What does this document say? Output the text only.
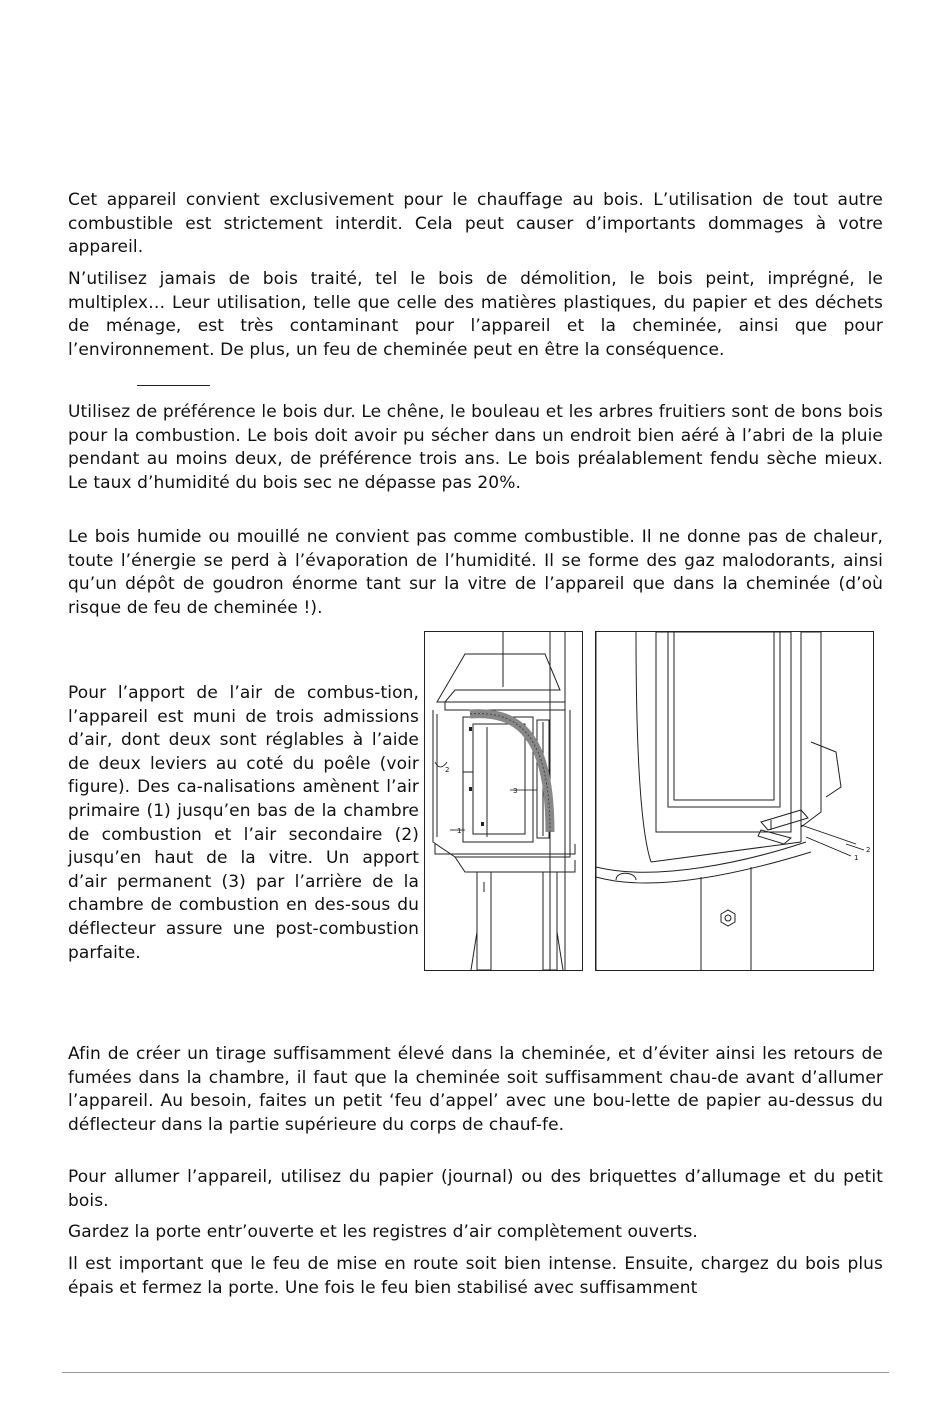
Cet appareil convient exclusivement pour le chauffage au bois. L’utilisation de tout autre combustible est strictement interdit. Cela peut causer d’importants dommages à votre appareil.

N’utilisez jamais de bois traité, tel le bois de démolition, le bois peint, imprégné, le multiplex… Leur utilisation, telle que celle des matières plastiques, du papier et des déchets de ménage, est très contaminant pour l’appareil et la cheminée, ainsi que pour l’environnement. De plus, un feu de cheminée peut en être la conséquence.

Utilisez de préférence le bois dur. Le chêne, le bouleau et les arbres fruitiers sont de bons bois pour la combustion. Le bois doit avoir pu sécher dans un endroit bien aéré à l’abri de la pluie pendant au moins deux, de préférence trois ans. Le bois préalablement fendu sèche mieux. Le taux d’humidité du bois sec ne dépasse pas 20%.

Le bois humide ou mouillé ne convient pas comme combustible. Il ne donne pas de chaleur, toute l’énergie se perd à l’évaporation de l’humidité. Il se forme des gaz malodorants, ainsi qu’un dépôt de goudron énorme tant sur la vitre de l’appareil que dans la cheminée (d’où risque de feu de cheminée !).

Pour l’apport de l’air de combus-tion, l’appareil est muni de trois admissions d’air, dont deux sont réglables à l’aide de deux leviers au coté du poêle (voir figure). Des ca-nalisations amènent l’air primaire (1) jusqu’en bas de la chambre de combustion et l’air secondaire (2) jusqu’en haut de la vitre. Un apport d’air permanent (3) par l’arrière de la chambre de combustion en des-sous du déflecteur assure une post-combustion parfaite.

2
3
1
1
2

Afin de créer un tirage suffisamment élevé dans la cheminée, et d’éviter ainsi les retours de fumées dans la chambre, il faut que la cheminée soit suffisamment chau-de avant d’allumer l’appareil. Au besoin, faites un petit ‘feu d’appel’ avec une bou-lette de papier au-dessus du déflecteur dans la partie supérieure du corps de chauf-fe.

Pour allumer l’appareil, utilisez du papier (journal) ou des briquettes d’allumage et du petit bois.

Gardez la porte entr’ouverte et les registres d’air complètement ouverts.

Il est important que le feu de mise en route soit bien intense. Ensuite, chargez du bois plus épais et fermez la porte. Une fois le feu bien stabilisé avec suffisamment
